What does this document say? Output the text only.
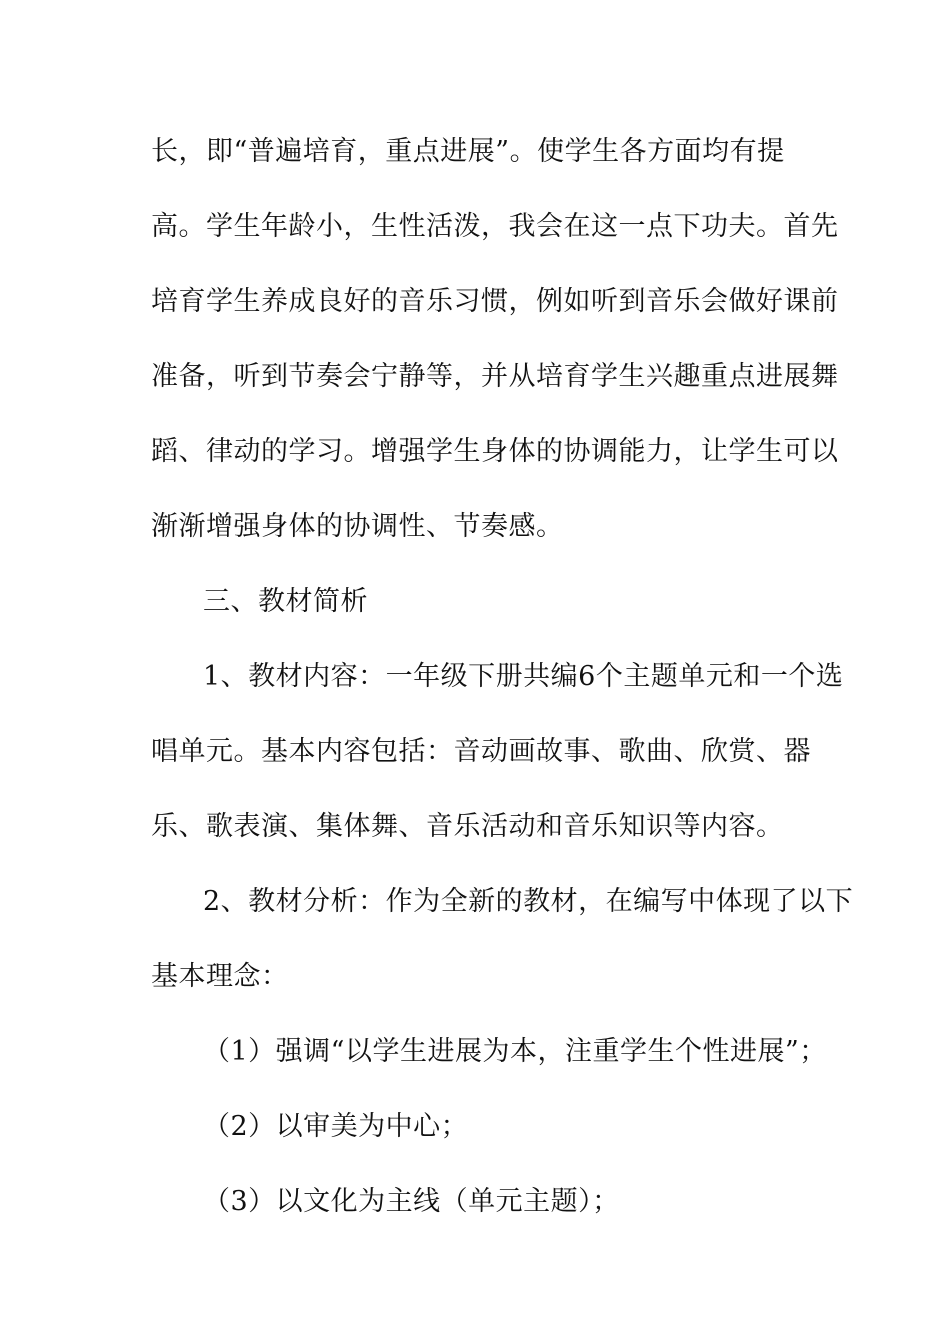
长，即“普遍培育，重点进展”。使学生各方面均有提
高。学生年龄小，生性活泼，我会在这一点下功夫。首先
培育学生养成良好的音乐习惯，例如听到音乐会做好课前
准备，听到节奏会宁静等，并从培育学生兴趣重点进展舞
蹈、律动的学习。增强学生身体的协调能力，让学生可以
渐渐增强身体的协调性、节奏感。
三、教材简析
1、教材内容：一年级下册共编6个主题单元和一个选
唱单元。基本内容包括：音动画故事、歌曲、欣赏、器
乐、歌表演、集体舞、音乐活动和音乐知识等内容。
2、教材分析：作为全新的教材，在编写中体现了以下
基本理念：
（1）强调“以学生进展为本，注重学生个性进展”；
（2）以审美为中心；
（3）以文化为主线（单元主题）；
